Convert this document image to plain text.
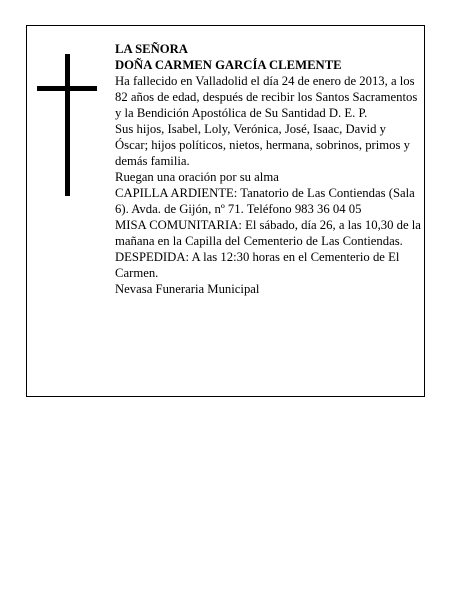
LA SEÑORA

DOÑA CARMEN GARCÍA CLEMENTE

Ha fallecido en Valladolid el día 24 de enero de 2013, a los 82 años de edad, después de recibir los Santos Sacramentos y la Bendición Apostólica de Su Santidad D. E. P.

Sus hijos, Isabel, Loly, Verónica, José, Isaac, David y Óscar; hijos políticos, nietos, hermana, sobrinos, primos y demás familia.

Ruegan una oración por su alma

CAPILLA ARDIENTE: Tanatorio de Las Contiendas (Sala 6). Avda. de Gijón, nº 71. Teléfono 983 36 04 05

MISA COMUNITARIA: El sábado, día 26, a las 10,30 de la mañana en la Capilla del Cementerio de Las Contiendas.

DESPEDIDA: A las 12:30 horas en el Cementerio de El Carmen.

Nevasa Funeraria Municipal
